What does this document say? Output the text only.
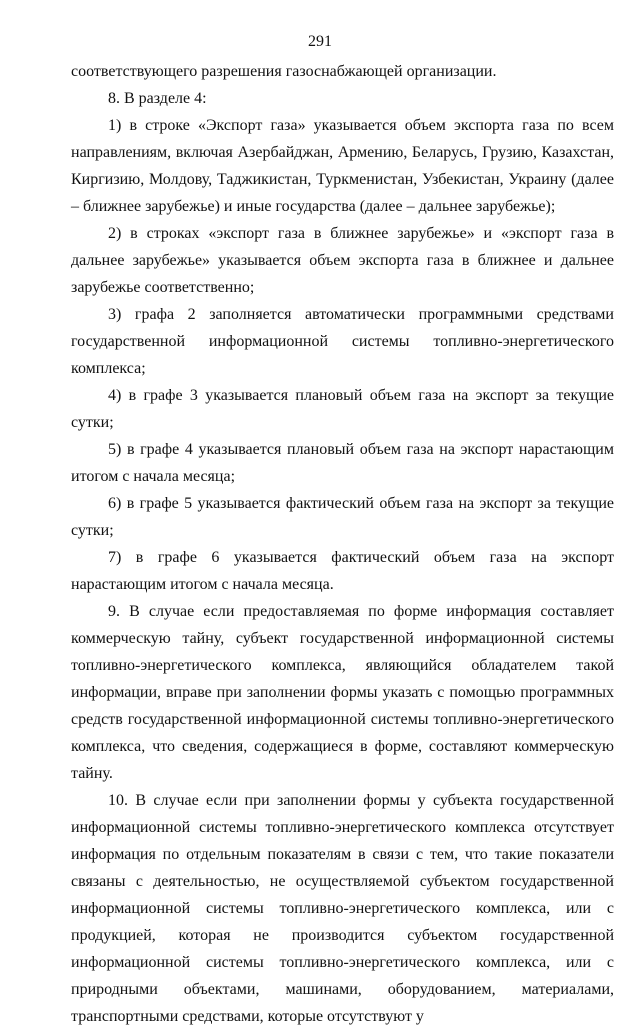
291

соответствующего разрешения газоснабжающей организации.

8. В разделе 4:

1) в строке «Экспорт газа» указывается объем экспорта газа по всем направлениям, включая Азербайджан, Армению, Беларусь, Грузию, Казахстан, Киргизию, Молдову, Таджикистан, Туркменистан, Узбекистан, Украину (далее – ближнее зарубежье) и иные государства (далее – дальнее зарубежье);

2) в строках «экспорт газа в ближнее зарубежье» и «экспорт газа в дальнее зарубежье» указывается объем экспорта газа в ближнее и дальнее зарубежье соответственно;

3) графа 2 заполняется автоматически программными средствами государственной информационной системы топливно-энергетического комплекса;

4) в графе 3 указывается плановый объем газа на экспорт за текущие сутки;

5) в графе 4 указывается плановый объем газа на экспорт нарастающим итогом с начала месяца;

6) в графе 5 указывается фактический объем газа на экспорт за текущие сутки;

7) в графе 6 указывается фактический объем газа на экспорт нарастающим итогом с начала месяца.

9. В случае если предоставляемая по форме информация составляет коммерческую тайну, субъект государственной информационной системы топливно-энергетического комплекса, являющийся обладателем такой информации, вправе при заполнении формы указать с помощью программных средств государственной информационной системы топливно-энергетического комплекса, что сведения, содержащиеся в форме, составляют коммерческую тайну.

10. В случае если при заполнении формы у субъекта государственной информационной системы топливно-энергетического комплекса отсутствует информация по отдельным показателям в связи с тем, что такие показатели связаны с деятельностью, не осуществляемой субъектом государственной информационной системы топливно-энергетического комплекса, или с продукцией, которая не производится субъектом государственной информационной системы топливно-энергетического комплекса, или с природными объектами, машинами, оборудованием, материалами, транспортными средствами, которые отсутствуют у
